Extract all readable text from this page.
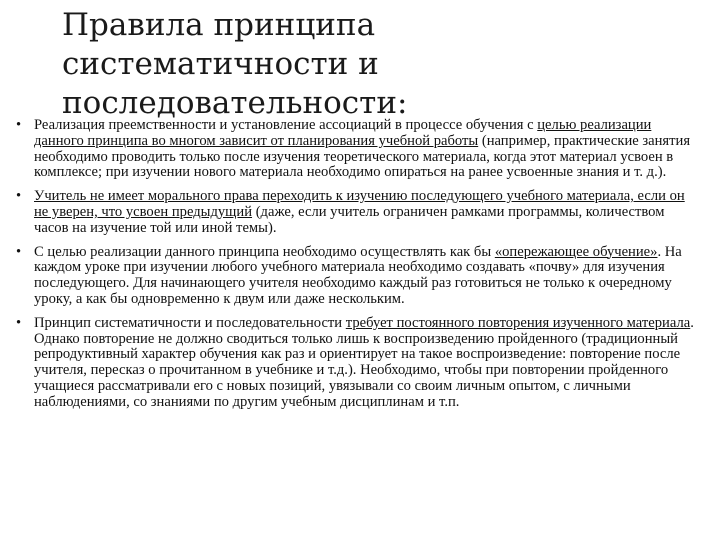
Правила принципа
систематичности и
последовательности:
• Реализация преемственности и установление ассоциаций в процессе обучения с целью реализации данного принципа во многом зависит от планирования учебной работы (например, практические занятия необходимо проводить только после изучения теоретического материала, когда этот материал усвоен в комплексе; при изучении нового материала необходимо опираться на ранее усвоенные знания и т. д.).
• Учитель не имеет морального права переходить к изучению последующего учебного материала, если он не уверен, что усвоен предыдущий (даже, если учитель ограничен рамками программы, количеством часов на изучение той или иной темы).
• С целью реализации данного принципа необходимо осуществлять как бы «опережающее обучение». На каждом уроке при изучении любого учебного материала необходимо создавать «почву» для изучения последующего. Для начинающего учителя необходимо каждый раз готовиться не только к очередному уроку, а как бы одновременно к двум или даже нескольким.
• Принцип систематичности и последовательности требует постоянного повторения изученного материала. Однако повторение не должно сводиться только лишь к воспроизведению пройденного (традиционный репродуктивный характер обучения как раз и ориентирует на такое воспроизведение: повторение после учителя, пересказ о прочитанном в учебнике и т.д.). Необходимо, чтобы при повторении пройденного учащиеся рассматривали его с новых позиций, увязывали со своим личным опытом, с личными наблюдениями, со знаниями по другим учебным дисциплинам и т.п.
